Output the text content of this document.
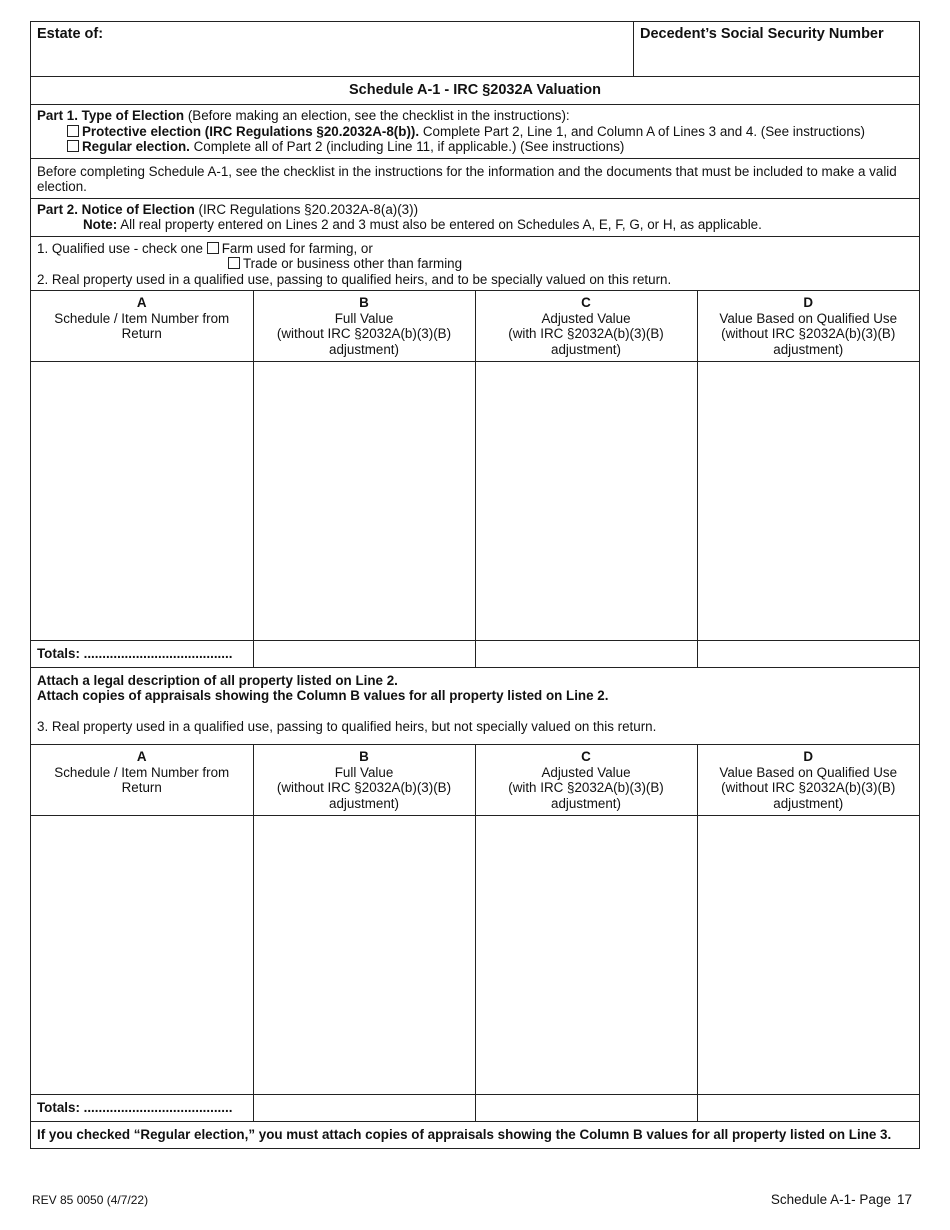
Estate of:	Decedent’s Social Security Number
Schedule A-1 - IRC §2032A Valuation
Part 1. Type of Election (Before making an election, see the checklist in the instructions):
Protective election (IRC Regulations §20.2032A-8(b)). Complete Part 2, Line 1, and Column A of Lines 3 and 4. (See instructions)
Regular election. Complete all of Part 2 (including Line 11, if applicable.) (See instructions)
Before completing Schedule A-1, see the checklist in the instructions for the information and the documents that must be included to make a valid election.
Part 2. Notice of Election (IRC Regulations §20.2032A-8(a)(3))
Note: All real property entered on Lines 2 and 3 must also be entered on Schedules A, E, F, G, or H, as applicable.
1. Qualified use - check one Farm used for farming, or
Trade or business other than farming
2. Real property used in a qualified use, passing to qualified heirs, and to be specially valued on this return.
A
Schedule / Item Number from
Return	B
Full Value
(without IRC §2032A(b)(3)(B)
adjustment)	C
Adjusted Value
(with IRC §2032A(b)(3)(B)
adjustment)	D
Value Based on Qualified Use
(without IRC §2032A(b)(3)(B)
adjustment)

Totals: ........................................			
Attach a legal description of all property listed on Line 2.
Attach copies of appraisals showing the Column B values for all property listed on Line 2.
3. Real property used in a qualified use, passing to qualified heirs, but not specially valued on this return.
A
Schedule / Item Number from
Return	B
Full Value
(without IRC §2032A(b)(3)(B)
adjustment)	C
Adjusted Value
(with IRC §2032A(b)(3)(B)
adjustment)	D
Value Based on Qualified Use
(without IRC §2032A(b)(3)(B)
adjustment)

Totals: ........................................			
If you checked “Regular election,” you must attach copies of appraisals showing the Column B values for all property listed on Line 3.
REV 85 0050 (4/7/22)	Schedule A-1- Page 17
